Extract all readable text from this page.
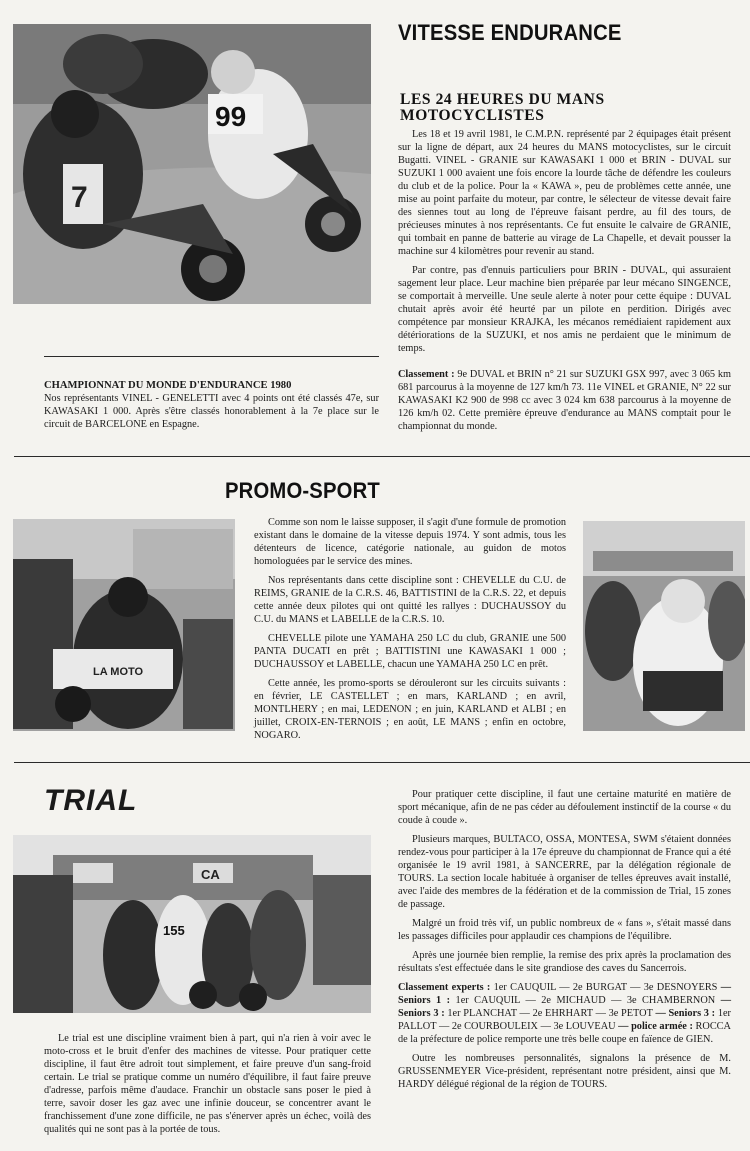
7
99
VITESSE ENDURANCE
LES 24 HEURES DU MANS
MOTOCYCLISTES

Les 18 et 19 avril 1981, le C.M.P.N. représenté par 2 équipages était présent sur la ligne de départ, aux 24 heures du MANS motocyclistes, sur le circuit Bugatti. VINEL - GRANIE sur KAWASAKI 1 000 et BRIN - DUVAL sur SUZUKI 1 000 avaient une fois encore la lourde tâche de défendre les couleurs du club et de la police. Pour la « KAWA », peu de problèmes cette année, une mise au point parfaite du moteur, par contre, le sélecteur de vitesse devait faire des siennes tout au long de l'épreuve faisant perdre, au fil des tours, de précieuses minutes à nos représentants. Ce fut ensuite le calvaire de GRANIE, qui tombait en panne de batterie au virage de La Chapelle, et devait pousser la machine sur 4 kilomètres pour revenir au stand.

Par contre, pas d'ennuis particuliers pour BRIN - DUVAL, qui assuraient sagement leur place. Leur machine bien préparée par leur mécano SINGENCE, se comportait à merveille. Une seule alerte à noter pour cette équipe : DUVAL chutait après avoir été heurté par un pilote en perdition. Dirigés avec compétence par monsieur KRAJKA, les mécanos remédiaient rapidement aux détériorations de la SUZUKI, et nos amis ne perdaient que le minimum de temps.

CHAMPIONNAT DU MONDE D'ENDURANCE 1980

Nos représentants VINEL - GENELETTI avec 4 points ont été classés 47e, sur KAWASAKI 1 000. Après s'être classés honorablement à la 7e place sur le circuit de BARCELONE en Espagne.

Classement : 9e DUVAL et BRIN n° 21 sur SUZUKI GSX 997, avec 3 065 km 681 parcourus à la moyenne de 127 km/h 73. 11e VINEL et GRANIE, N° 22 sur KAWASAKI K2 900 de 998 cc avec 3 024 km 638 parcourus à la moyenne de 126 km/h 02. Cette première épreuve d'endurance au MANS comptait pour le championnat du monde.

PROMO-SPORT
LA MOTO

Comme son nom le laisse supposer, il s'agit d'une formule de promotion existant dans le domaine de la vitesse depuis 1974. Y sont admis, tous les détenteurs de licence, catégorie nationale, au guidon de motos homologuées par le service des mines.

Nos représentants dans cette discipline sont : CHEVELLE du C.U. de REIMS, GRANIE de la C.R.S. 46, BATTISTINI de la C.R.S. 22, et depuis cette année deux pilotes qui ont quitté les rallyes : DUCHAUSSOY du C.U. du MANS et LABELLE de la C.R.S. 10.

CHEVELLE pilote une YAMAHA 250 LC du club, GRANIE une 500 PANTA DUCATI en prêt ; BATTISTINI une KAWASAKI 1 000 ; DUCHAUSSOY et LABELLE, chacun une YAMAHA 250 LC en prêt.

Cette année, les promo-sports se dérouleront sur les circuits suivants : en février, LE CASTELLET ; en mars, KARLAND ; en avril, MONTLHERY ; en mai, LEDENON ; en juin, KARLAND et ALBI ; en juillet, CROIX-EN-TERNOIS ; en août, LE MANS ; enfin en octobre, NOGARO.

TRIAL
CA
155

Le trial est une discipline vraiment bien à part, qui n'a rien à voir avec le moto-cross et le bruit d'enfer des machines de vitesse. Pour pratiquer cette discipline, il faut être adroit tout simplement, et faire preuve d'un sang-froid certain. Le trial se pratique comme un numéro d'équilibre, il faut faire preuve d'adresse, parfois même d'audace. Franchir un obstacle sans poser le pied à terre, savoir doser les gaz avec une infinie douceur, se concentrer avant le franchissement d'une zone difficile, ne pas s'énerver après un échec, voilà des qualités qui ne sont pas à la portée de tous.

Pour pratiquer cette discipline, il faut une certaine maturité en matière de sport mécanique, afin de ne pas céder au défoulement instinctif de la course « du coude à coude ».

Plusieurs marques, BULTACO, OSSA, MONTESA, SWM s'étaient données rendez-vous pour participer à la 17e épreuve du championnat de France qui a été organisée le 19 avril 1981, à SANCERRE, par la délégation régionale de TOURS. La section locale habituée à organiser de telles épreuves avait installé, avec l'aide des membres de la fédération et de la commission de Trial, 15 zones de passage.

Malgré un froid très vif, un public nombreux de « fans », s'était massé dans les passages difficiles pour applaudir ces champions de l'équilibre.

Après une journée bien remplie, la remise des prix après la proclamation des résultats s'est effectuée dans le site grandiose des caves du Sancerrois.

Classement experts : 1er CAUQUIL — 2e BURGAT — 3e DESNOYERS — Seniors 1 : 1er CAUQUIL — 2e MICHAUD — 3e CHAMBERNON — Seniors 3 : 1er PLANCHAT — 2e EHRHART — 3e PETOT — Seniors 3 : 1er PALLOT — 2e COURBOULEIX — 3e LOUVEAU — police armée : ROCCA de la préfecture de police remporte une très belle coupe en faïence de GIEN.

Outre les nombreuses personnalités, signalons la présence de M. GRUSSENMEYER Vice-président, représentant notre président, ainsi que M. HARDY délégué régional de la région de TOURS.
